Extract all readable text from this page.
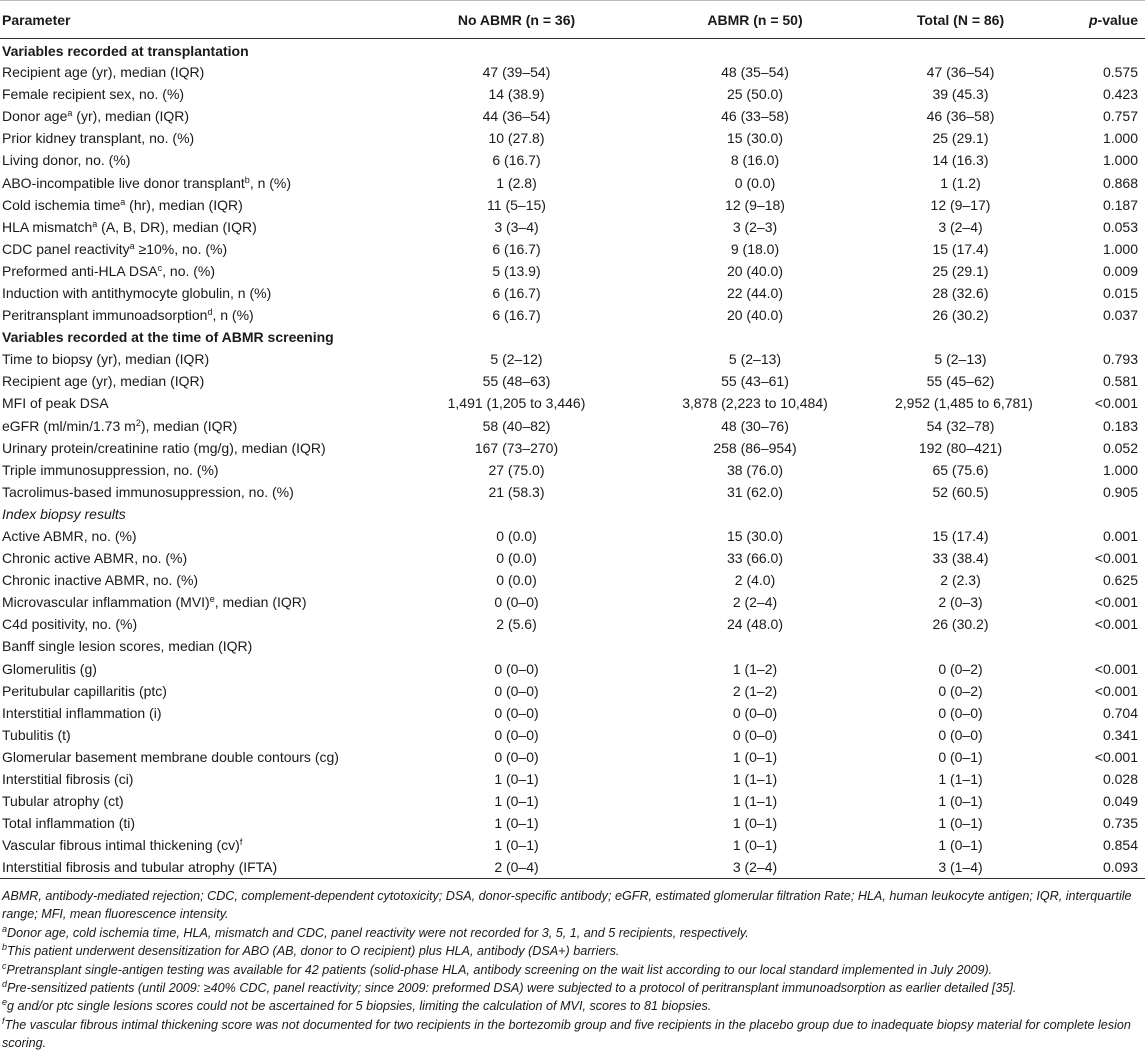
Parameter	No ABMR (n = 36)	ABMR (n = 50)	Total (N = 86)	p-value
Variables recorded at transplantation				
Recipient age (yr), median (IQR)	47 (39–54)	48 (35–54)	47 (36–54)	0.575
Female recipient sex, no. (%)	14 (38.9)	25 (50.0)	39 (45.3)	0.423
Donor age$^a$ (yr), median (IQR)	44 (36–54)	46 (33–58)	46 (36–58)	0.757
Prior kidney transplant, no. (%)	10 (27.8)	15 (30.0)	25 (29.1)	1.000
Living donor, no. (%)	6 (16.7)	8 (16.0)	14 (16.3)	1.000
ABO-incompatible live donor transplant$^b$, n (%)	1 (2.8)	0 (0.0)	1 (1.2)	0.868
Cold ischemia time$^a$ (hr), median (IQR)	11 (5–15)	12 (9–18)	12 (9–17)	0.187
HLA mismatch$^a$ (A, B, DR), median (IQR)	3 (3–4)	3 (2–3)	3 (2–4)	0.053
CDC panel reactivity$^a$ ≥10%, no. (%)	6 (16.7)	9 (18.0)	15 (17.4)	1.000
Preformed anti-HLA DSA$^c$, no. (%)	5 (13.9)	20 (40.0)	25 (29.1)	0.009
Induction with antithymocyte globulin, n (%)	6 (16.7)	22 (44.0)	28 (32.6)	0.015
Peritransplant immunoadsorption$^d$, n (%)	6 (16.7)	20 (40.0)	26 (30.2)	0.037
Variables recorded at the time of ABMR screening				
Time to biopsy (yr), median (IQR)	5 (2–12)	5 (2–13)	5 (2–13)	0.793
Recipient age (yr), median (IQR)	55 (48–63)	55 (43–61)	55 (45–62)	0.581
MFI of peak DSA	1,491 (1,205 to 3,446)	3,878 (2,223 to 10,484)	2,952 (1,485 to 6,781)	<0.001
eGFR (ml/min/1.73 $m^2$), median (IQR)	58 (40–82)	48 (30–76)	54 (32–78)	0.183
Urinary protein/creatinine ratio (mg/g), median (IQR)	167 (73–270)	258 (86–954)	192 (80–421)	0.052
Triple immunosuppression, no. (%)	27 (75.0)	38 (76.0)	65 (75.6)	1.000
Tacrolimus-based immunosuppression, no. (%)	21 (58.3)	31 (62.0)	52 (60.5)	0.905
Index biopsy results				
Active ABMR, no. (%)	0 (0.0)	15 (30.0)	15 (17.4)	0.001
Chronic active ABMR, no. (%)	0 (0.0)	33 (66.0)	33 (38.4)	<0.001
Chronic inactive ABMR, no. (%)	0 (0.0)	2 (4.0)	2 (2.3)	0.625
Microvascular inflammation (MVI)$^e$, median (IQR)	0 (0–0)	2 (2–4)	2 (0–3)	<0.001
C4d positivity, no. (%)	2 (5.6)	24 (48.0)	26 (30.2)	<0.001
Banff single lesion scores, median (IQR)				
Glomerulitis (g)	0 (0–0)	1 (1–2)	0 (0–2)	<0.001
Peritubular capillaritis (ptc)	0 (0–0)	2 (1–2)	0 (0–2)	<0.001
Interstitial inflammation (i)	0 (0–0)	0 (0–0)	0 (0–0)	0.704
Tubulitis (t)	0 (0–0)	0 (0–0)	0 (0–0)	0.341
Glomerular basement membrane double contours (cg)	0 (0–0)	1 (0–1)	0 (0–1)	<0.001
Interstitial fibrosis (ci)	1 (0–1)	1 (1–1)	1 (1–1)	0.028
Tubular atrophy (ct)	1 (0–1)	1 (1–1)	1 (0–1)	0.049
Total inflammation (ti)	1 (0–1)	1 (0–1)	1 (0–1)	0.735
Vascular fibrous intimal thickening (cv)$^f$	1 (0–1)	1 (0–1)	1 (0–1)	0.854
Interstitial fibrosis and tubular atrophy (IFTA)	2 (0–4)	3 (2–4)	3 (1–4)	0.093

ABMR, antibody-mediated rejection; CDC, complement-dependent cytotoxicity; DSA, donor-specific antibody; eGFR, estimated glomerular filtration Rate; HLA, human leukocyte antigen; IQR, interquartile range; MFI, mean fluorescence intensity.

$^a$Donor age, cold ischemia time, HLA, mismatch and CDC, panel reactivity were not recorded for 3, 5, 1, and 5 recipients, respectively.

$^b$This patient underwent desensitization for ABO (AB, donor to O recipient) plus HLA, antibody (DSA+) barriers.

$^c$Pretransplant single-antigen testing was available for 42 patients (solid-phase HLA, antibody screening on the wait list according to our local standard implemented in July 2009).

$^d$Pre-sensitized patients (until 2009: ≥40% CDC, panel reactivity; since 2009: preformed DSA) were subjected to a protocol of peritransplant immunoadsorption as earlier detailed [35].

$^e$g and/or ptc single lesions scores could not be ascertained for 5 biopsies, limiting the calculation of MVI, scores to 81 biopsies.

$^f$The vascular fibrous intimal thickening score was not documented for two recipients in the bortezomib group and five recipients in the placebo group due to inadequate biopsy material for complete lesion scoring.
